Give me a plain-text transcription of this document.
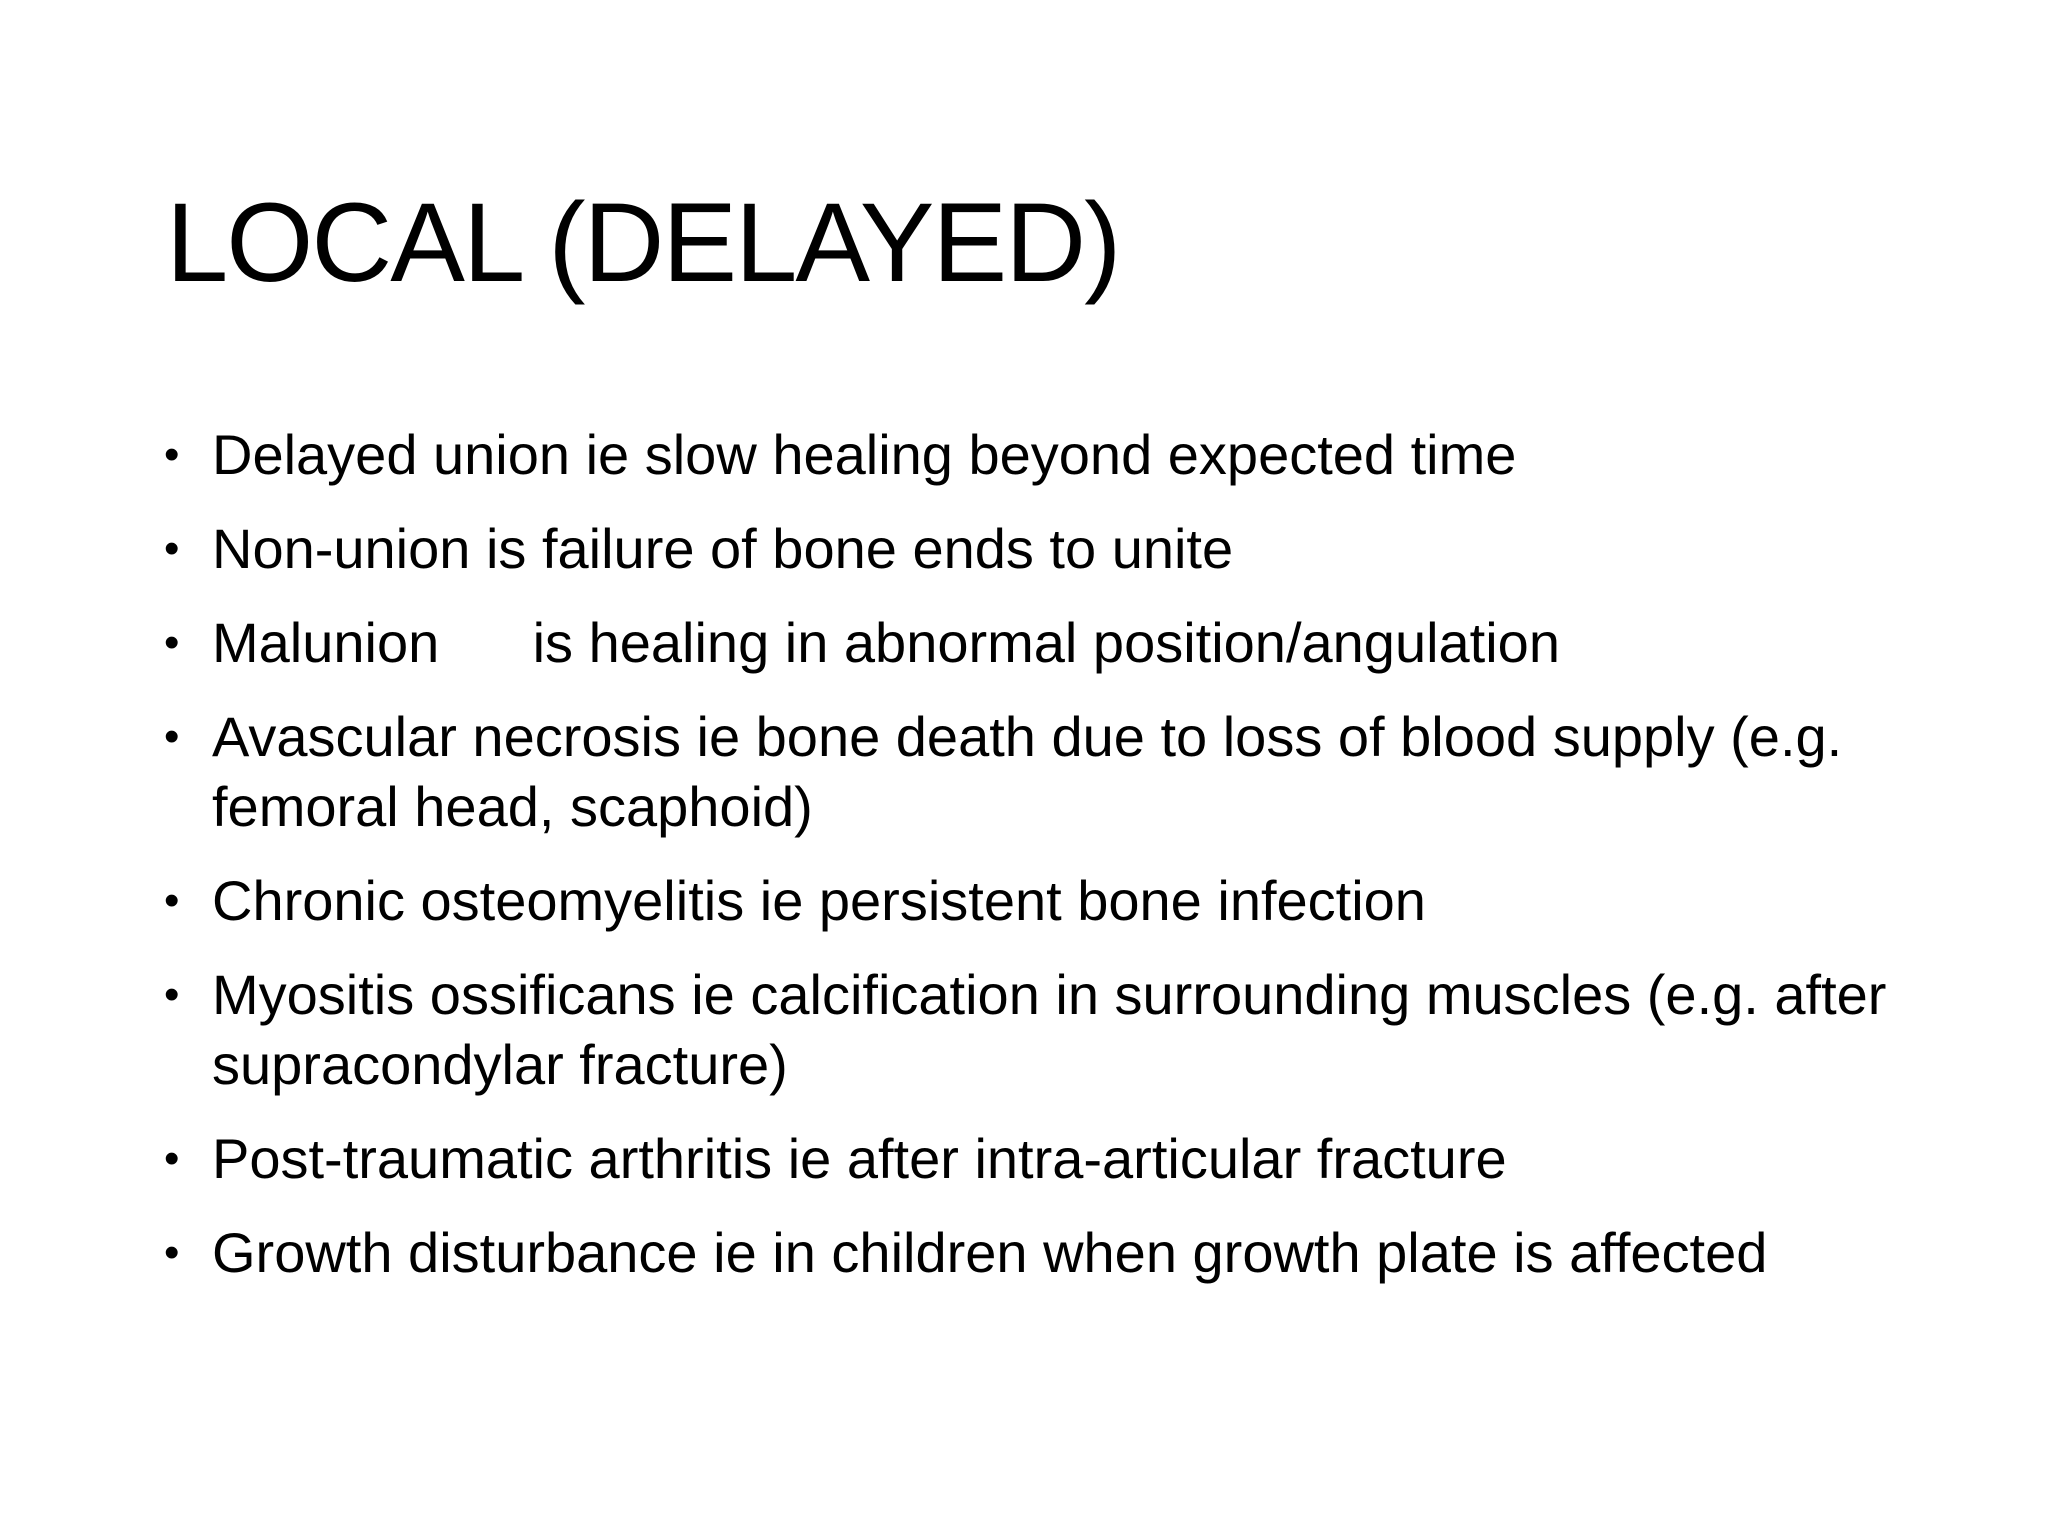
LOCAL (DELAYED)
• Delayed union ie slow healing beyond expected time
• Non-union is failure of bone ends to unite
• Malunion      is healing in abnormal position/angulation
• Avascular necrosis ie bone death due to loss of blood supply (e.g. femoral head, scaphoid)
• Chronic osteomyelitis ie persistent bone infection
• Myositis ossificans ie calcification in surrounding muscles (e.g. after supracondylar fracture)
• Post-traumatic arthritis ie after intra-articular fracture
• Growth disturbance ie in children when growth plate is affected
